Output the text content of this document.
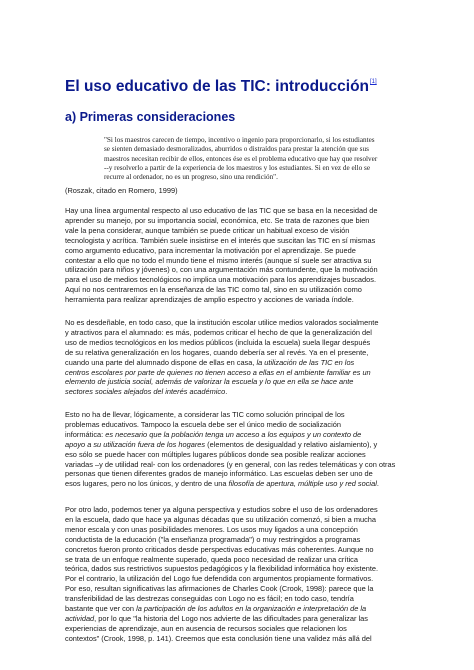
El uso educativo de las TIC: introducción[1]
a) Primeras consideraciones

"Si los maestros carecen de tiempo, incentivo o ingenio para proporcionarlo, si los estudiantes

se sienten demasiado desmoralizados, aburridos o distraídos para prestar la atención que sus

maestros necesitan recibir de ellos, entonces ése es el problema educativo que hay que resolver

--y resolverlo a partir de la experiencia de los maestros y los estudiantes. Si en vez de ello se

recurre al ordenador, no es un progreso, sino una rendición".

(Roszak, citado en Romero, 1999)
Hay una línea argumental respecto al uso educativo de las TIC que se basa en la necesidad de
aprender su manejo, por su importancia social, económica, etc. Se trata de razones que bien
vale la pena considerar, aunque también se puede criticar un habitual exceso de visión
tecnologista y acrítica. También suele insistirse en el interés que suscitan las TIC en sí mismas
como argumento educativo, para incrementar la motivación por el aprendizaje. Se puede
contestar a ello que no todo el mundo tiene el mismo interés (aunque sí suele ser atractiva su
utilización para niños y jóvenes) o, con una argumentación más contundente, que la motivación
para el uso de medios tecnológicos no implica una motivación para los aprendizajes buscados.
Aquí no nos centraremos en la enseñanza de las TIC como tal, sino en su utilización como
herramienta para realizar aprendizajes de amplio espectro y acciones de variada índole.
No es desdeñable, en todo caso, que la institución escolar utilice medios valorados socialmente
y atractivos para el alumnado: es más, podemos criticar el hecho de que la generalización del
uso de medios tecnológicos en los medios públicos (incluida la escuela) suela llegar después
de su relativa generalización en los hogares, cuando debería ser al revés. Ya en el presente,
cuando una parte del alumnado dispone de ellas en casa, la utilización de las TIC en los
centros escolares por parte de quienes no tienen acceso a ellas en el ambiente familiar es un
elemento de justicia social, además de valorizar la escuela y lo que en ella se hace ante
sectores sociales alejados del interés académico.
Esto no ha de llevar, lógicamente, a considerar las TIC como solución principal de los
problemas educativos. Tampoco la escuela debe ser el único medio de socialización
informática: es necesario que la población tenga un acceso a los equipos y un contexto de
apoyo a su utilización fuera de los hogares (elementos de desigualdad y relativo aislamiento), y
eso sólo se puede hacer con múltiples lugares públicos donde sea posible realizar acciones
variadas –y de utilidad real- con los ordenadores (y en general, con las redes telemáticas y con otras
personas que tienen diferentes grados de manejo informático. Las escuelas deben ser uno de
esos lugares, pero no los únicos, y dentro de una filosofía de apertura, múltiple uso y red social.
Por otro lado, podemos tener ya alguna perspectiva y estudios sobre el uso de los ordenadores
en la escuela, dado que hace ya algunas décadas que su utilización comenzó, si bien a mucha
menor escala y con unas posibilidades menores. Los usos muy ligados a una concepción
conductista de la educación ("la enseñanza programada") o muy restringidos a programas
concretos fueron pronto criticados desde perspectivas educativas más coherentes. Aunque no
se trata de un enfoque realmente superado, queda poco necesidad de realizar una crítica
teórica, dados sus restrictivos supuestos pedagógicos y la flexibilidad informática hoy existente.
Por el contrario, la utilización del Logo fue defendida con argumentos propiamente formativos.
Por eso, resultan significativas las afirmaciones de Charles Cook (Crook, 1998): parece que la
transferibilidad de las destrezas conseguidas con Logo no es fácil; en todo caso, tendría
bastante que ver con la participación de los adultos en la organización e interpretación de la
actividad, por lo que "la historia del Logo nos advierte de las dificultades para generalizar las
experiencias de aprendizaje, aun en ausencia de recursos sociales que relacionen los
contextos" (Crook, 1998, p. 141). Creemos que esta conclusión tiene una validez más allá del
